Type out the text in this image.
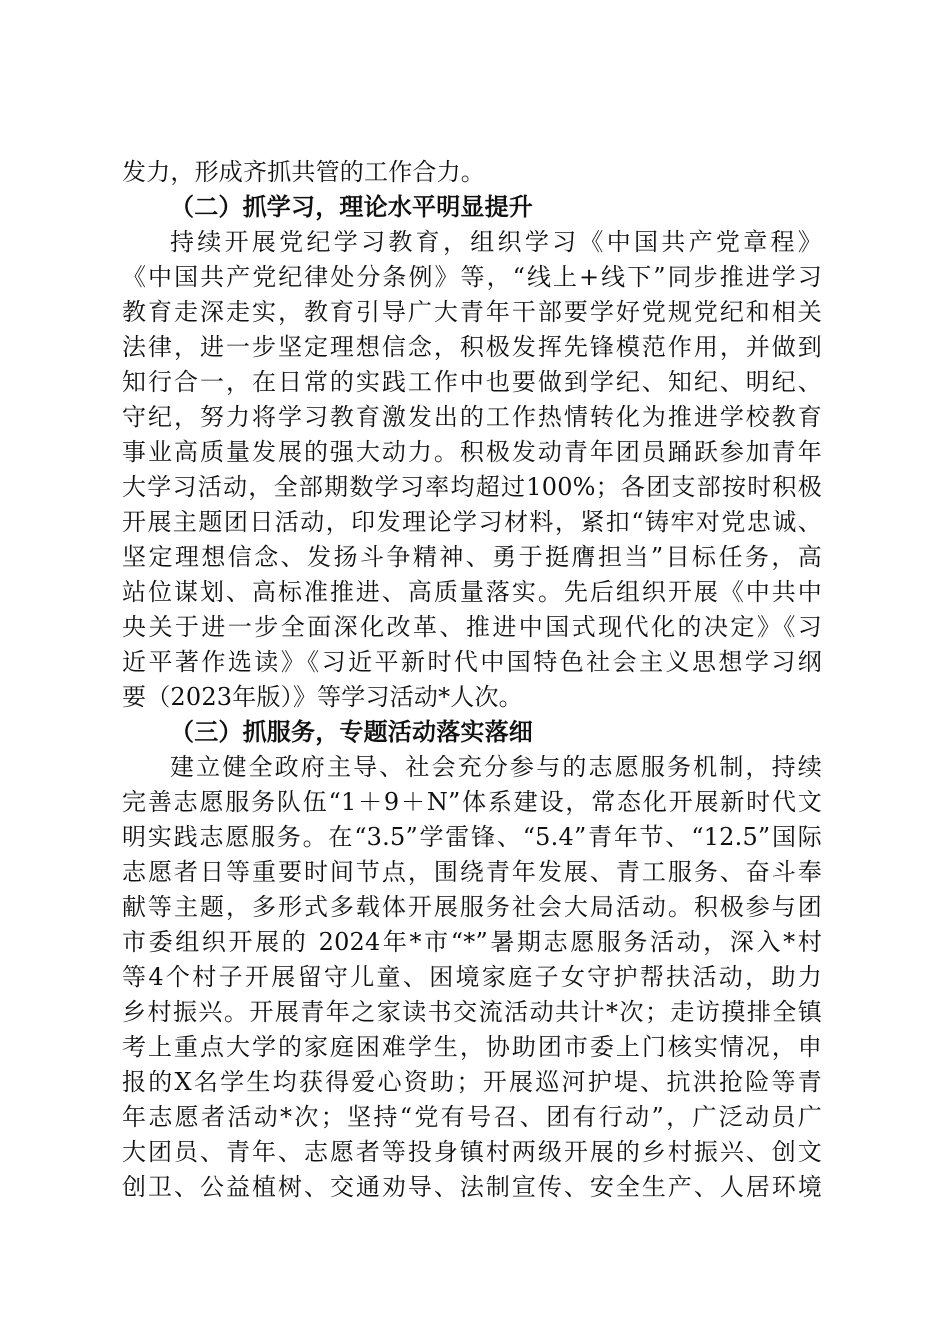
发力，形成齐抓共管的工作合力。

（二）抓学习，理论水平明显提升

持续开展党纪学习教育，组织学习《中国共产党章程》

《中国共产党纪律处分条例》等，“线上+线下”同步推进学习

教育走深走实，教育引导广大青年干部要学好党规党纪和相关

法律，进一步坚定理想信念，积极发挥先锋模范作用，并做到

知行合一，在日常的实践工作中也要做到学纪、知纪、明纪、

守纪，努力将学习教育激发出的工作热情转化为推进学校教育

事业高质量发展的强大动力。积极发动青年团员踊跃参加青年

大学习活动，全部期数学习率均超过100%；各团支部按时积极

开展主题团日活动，印发理论学习材料，紧扣“铸牢对党忠诚、

坚定理想信念、发扬斗争精神、勇于挺膺担当”目标任务，高

站位谋划、高标准推进、高质量落实。先后组织开展《中共中

央关于进一步全面深化改革、推进中国式现代化的决定》《习

近平著作选读》《习近平新时代中国特色社会主义思想学习纲

要（2023年版）》等学习活动*人次。

（三）抓服务，专题活动落实落细

建立健全政府主导、社会充分参与的志愿服务机制，持续

完善志愿服务队伍“1＋9＋N”体系建设，常态化开展新时代文

明实践志愿服务。在“3.5”学雷锋、“5.4”青年节、“12.5”国际

志愿者日等重要时间节点，围绕青年发展、青工服务、奋斗奉

献等主题，多形式多载体开展服务社会大局活动。积极参与团

市委组织开展的 2024年*市“*”暑期志愿服务活动，深入*村

等4个村子开展留守儿童、困境家庭子女守护帮扶活动，助力

乡村振兴。开展青年之家读书交流活动共计*次；走访摸排全镇

考上重点大学的家庭困难学生，协助团市委上门核实情况，申

报的X名学生均获得爱心资助；开展巡河护堤、抗洪抢险等青

年志愿者活动*次；坚持“党有号召、团有行动”，广泛动员广

大团员、青年、志愿者等投身镇村两级开展的乡村振兴、创文

创卫、公益植树、交通劝导、法制宣传、安全生产、人居环境
